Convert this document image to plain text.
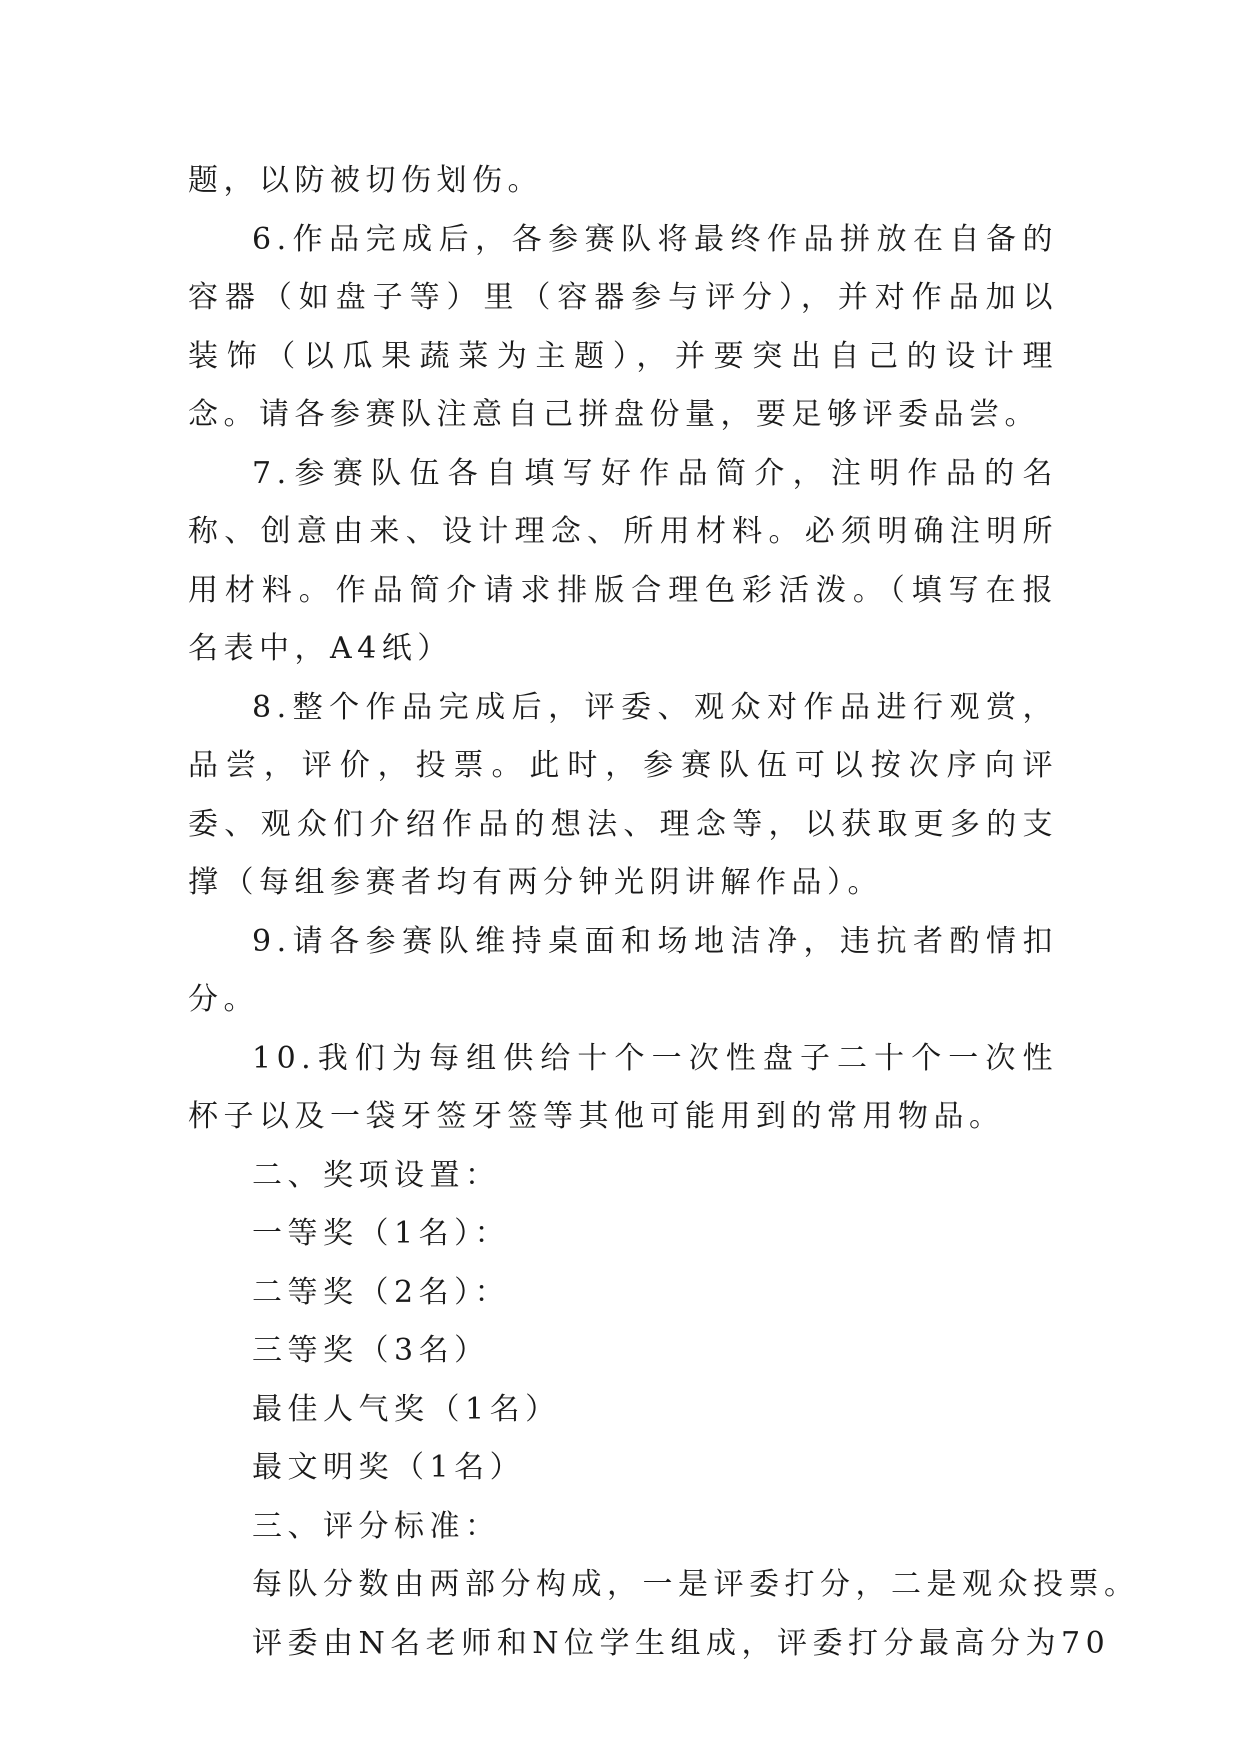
题，以防被切伤划伤。

6.作品完成后，各参赛队将最终作品拼放在自备的容器（如盘子等）里（容器参与评分），并对作品加以装饰（以瓜果蔬菜为主题），并要突出自己的设计理念。请各参赛队注意自己拼盘份量，要足够评委品尝。

7.参赛队伍各自填写好作品简介，注明作品的名称、创意由来、设计理念、所用材料。必须明确注明所用材料。作品简介请求排版合理色彩活泼。（填写在报名表中，A4纸）

8.整个作品完成后，评委、观众对作品进行观赏，品尝，评价，投票。此时，参赛队伍可以按次序向评委、观众们介绍作品的想法、理念等，以获取更多的支撑（每组参赛者均有两分钟光阴讲解作品）。

9.请各参赛队维持桌面和场地洁净，违抗者酌情扣分。

10.我们为每组供给十个一次性盘子二十个一次性杯子以及一袋牙签牙签等其他可能用到的常用物品。

二、奖项设置：

一等奖（1名）：

二等奖（2名）：

三等奖（3名）

最佳人气奖（1名）

最文明奖（1名）

三、评分标准：

每队分数由两部分构成，一是评委打分，二是观众投票。

评委由N名老师和N位学生组成，评委打分最高分为70
